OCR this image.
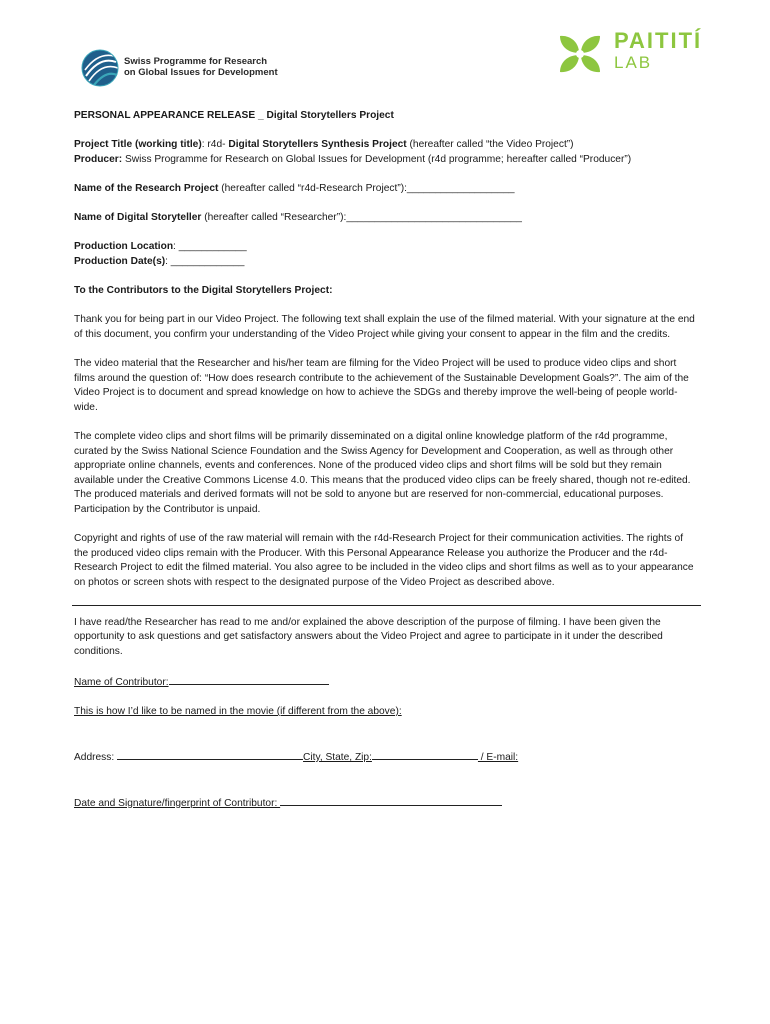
Swiss Programme for Research
on Global Issues for Development
PAITITÍ
LAB

PERSONAL APPEARANCE RELEASE _ Digital Storytellers Project

Project Title (working title): r4d- Digital Storytellers Synthesis Project (hereafter called “the Video Project”)

Producer: Swiss Programme for Research on Global Issues for Development (r4d programme; hereafter called “Producer”)

Name of the Research Project (hereafter called “r4d-Research Project”):___________________

Name of Digital Storyteller (hereafter called “Researcher”):_______________________________

Production Location: ____________

Production Date(s): _____________

To the Contributors to the Digital Storytellers Project:

Thank you for being part in our Video Project. The following text shall explain the use of the filmed material. With your signature at the end of this document, you confirm your understanding of the Video Project while giving your consent to appear in the film and the credits.

The video material that the Researcher and his/her team are filming for the Video Project will be used to produce video clips and short films around the question of: “How does research contribute to the achievement of the Sustainable Development Goals?”. The aim of the Video Project is to document and spread knowledge on how to achieve the SDGs and thereby improve the well-being of people world-wide.

The complete video clips and short films will be primarily disseminated on a digital online knowledge platform of the r4d programme, curated by the Swiss National Science Foundation and the Swiss Agency for Development and Cooperation, as well as through other appropriate online channels, events and conferences. None of the produced video clips and short films will be sold but they remain available under the Creative Commons License 4.0. This means that the produced video clips can be freely shared, though not re-edited.

The produced materials and derived formats will not be sold to anyone but are reserved for non-commercial, educational purposes. Participation by the Contributor is unpaid.

Copyright and rights of use of the raw material will remain with the r4d-Research Project for their communication activities. The rights of the produced video clips remain with the Producer. With this Personal Appearance Release you authorize the Producer and the r4d-Research Project to edit the filmed material. You also agree to be included in the video clips and short films as well as to your appearance on photos or screen shots with respect to the designated purpose of the Video Project as described above.

I have read/the Researcher has read to me and/or explained the above description of the purpose of filming. I have been given the opportunity to ask questions and get satisfactory answers about the Video Project and agree to participate in it under the described conditions.

Name of Contributor:

This is how I’d like to be named in the movie (if different from the above):

Address:	City, State, Zip:	/ E-mail:

Date and Signature/fingerprint of Contributor:
